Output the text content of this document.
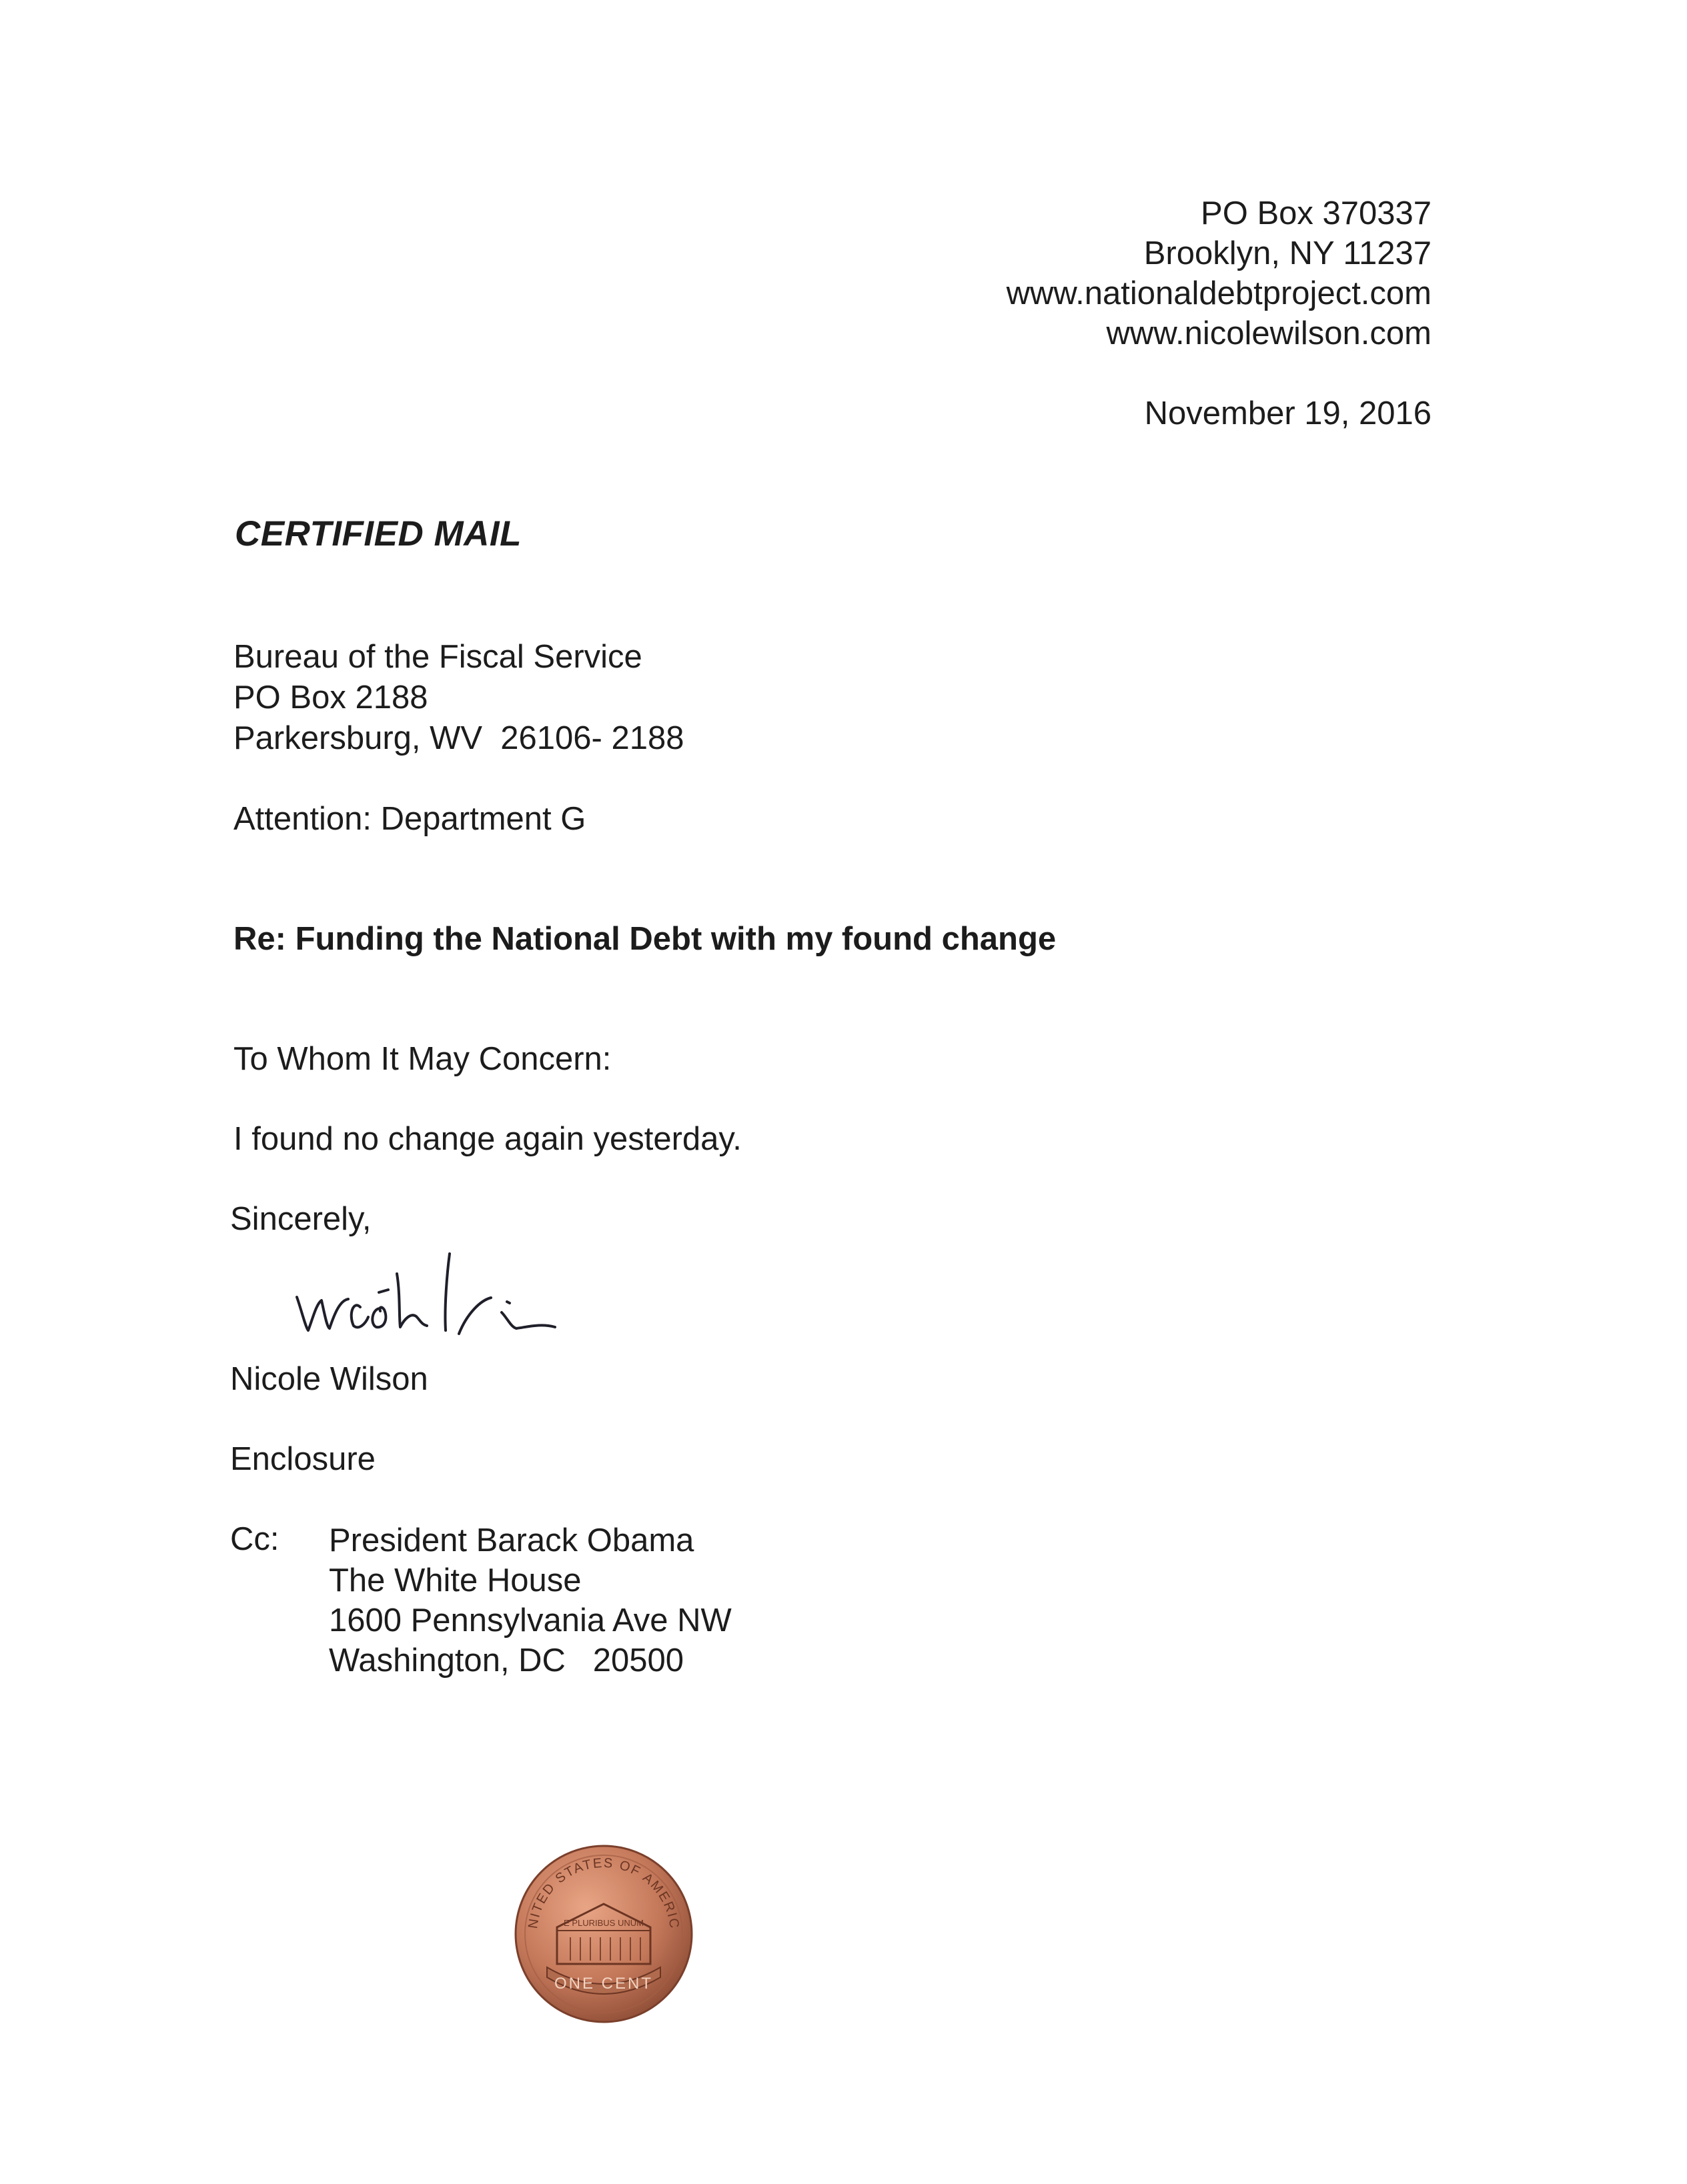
PO Box 370337
Brooklyn, NY 11237
www.nationaldebtproject.com
www.nicolewilson.com
November 19, 2016
CERTIFIED MAIL
Bureau of the Fiscal Service
PO Box 2188
Parkersburg, WV  26106- 2188
Attention: Department G
Re: Funding the National Debt with my found change
To Whom It May Concern:
I found no change again yesterday.
Sincerely,
Nicole Wilson
Enclosure
Cc: President Barack Obama
The White House
1600 Pennsylvania Ave NW
Washington, DC   20500
NITED STATES OF AMERIC
E PLURIBUS UNUM
ONE CENT
